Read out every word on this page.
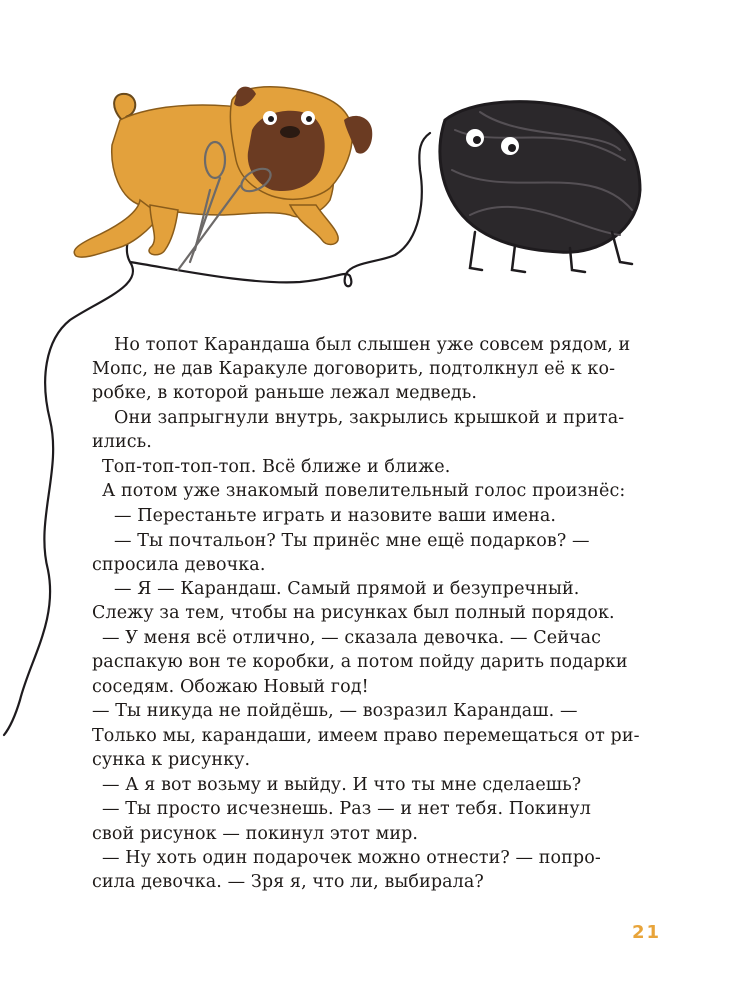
Но топот Карандаша был слышен уже совсем рядом, и
Мопс, не дав Каракуле договорить, подтолкнул её к ко-
робке, в которой раньше лежал медведь.
Они запрыгнули внутрь, закрылись крышкой и прита-
ились.
Топ-топ-топ-топ. Всё ближе и ближе.
А потом уже знакомый повелительный голос произнёс:
— Перестаньте играть и назовите ваши имена.
— Ты почтальон? Ты принёс мне ещё подарков? —
спросила девочка.
— Я — Карандаш. Самый прямой и безупречный.
Слежу за тем, чтобы на рисунках был полный порядок.
— У меня всё отлично, — сказала девочка. — Сейчас
распакую вон те коробки, а потом пойду дарить подарки
соседям. Обожаю Новый год!
— Ты никуда не пойдёшь, — возразил Карандаш. —
Только мы, карандаши, имеем право перемещаться от ри-
сунка к рисунку.
— А я вот возьму и выйду. И что ты мне сделаешь?
— Ты просто исчезнешь. Раз — и нет тебя. Покинул
свой рисунок — покинул этот мир.
— Ну хоть один подарочек можно отнести? — попро-
сила девочка. — Зря я, что ли, выбирала?
21
